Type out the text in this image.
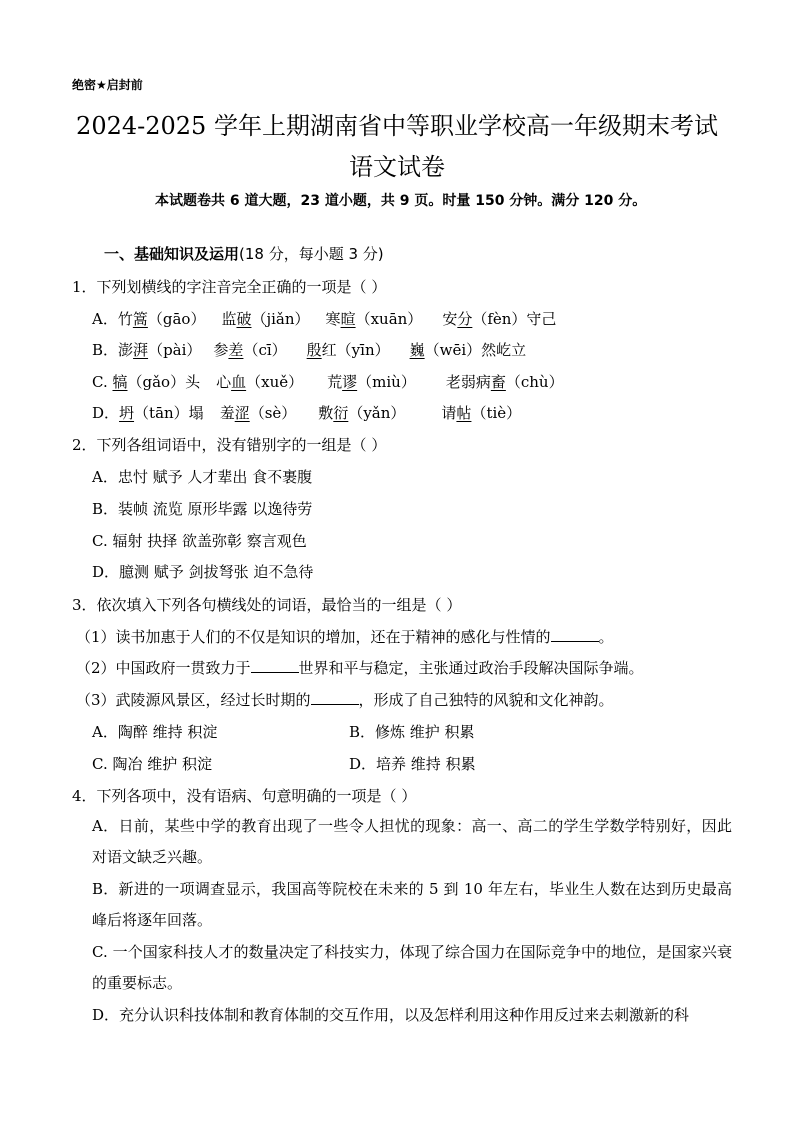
绝密★启封前
2024-2025 学年上期湖南省中等职业学校高一年级期末考试
语文试卷
本试题卷共 6 道大题，23 道小题，共 9 页。时量 150 分钟。满分 120 分。
一、基础知识及运用(18 分，每小题 3 分)
1．下列划横线的字注音完全正确的一项是（ ）
A．竹篙（gāo） 监破（jiǎn） 寒暄（xuān） 安分（fèn）守己
B．澎湃（pài） 参差（cī） 殷红（yīn） 巍（wēi）然屹立
C. 犒（gǎo）头 心血（xuě） 荒谬（miù） 老弱病畜（chù）
D．坍（tān）塌 羞涩（sè） 敷衍（yǎn） 请帖（tiè）
2．下列各组词语中，没有错别字的一组是（ ）
A．忠忖 赋予 人才辈出 食不裹腹
B．装帧 流览 原形毕露 以逸待劳
C. 辐射 抉择 欲盖弥彰 察言观色
D．臆测 赋予 剑拔弩张 迫不急待
3．依次填入下列各句横线处的词语，最恰当的一组是（ ）
（1）读书加惠于人们的不仅是知识的增加，还在于精神的感化与性情的	。
（2）中国政府一贯致力于	世界和平与稳定，主张通过政治手段解决国际争端。
（3）武陵源风景区，经过长时期的	，形成了自己独特的风貌和文化神韵。
A．陶醉 维持 积淀	B．修炼 维护 积累
C. 陶冶 维护 积淀	D．培养 维持 积累
4．下列各项中，没有语病、句意明确的一项是（ ）
A．日前，某些中学的教育出现了一些令人担忧的现象：高一、高二的学生学数学特别好，因此对语文缺乏兴趣。
B．新进的一项调查显示，我国高等院校在未来的 5 到 10 年左右，毕业生人数在达到历史最高峰后将逐年回落。
C. 一个国家科技人才的数量决定了科技实力，体现了综合国力在国际竞争中的地位，是国家兴衰的重要标志。
D．充分认识科技体制和教育体制的交互作用，以及怎样利用这种作用反过来去刺激新的科
